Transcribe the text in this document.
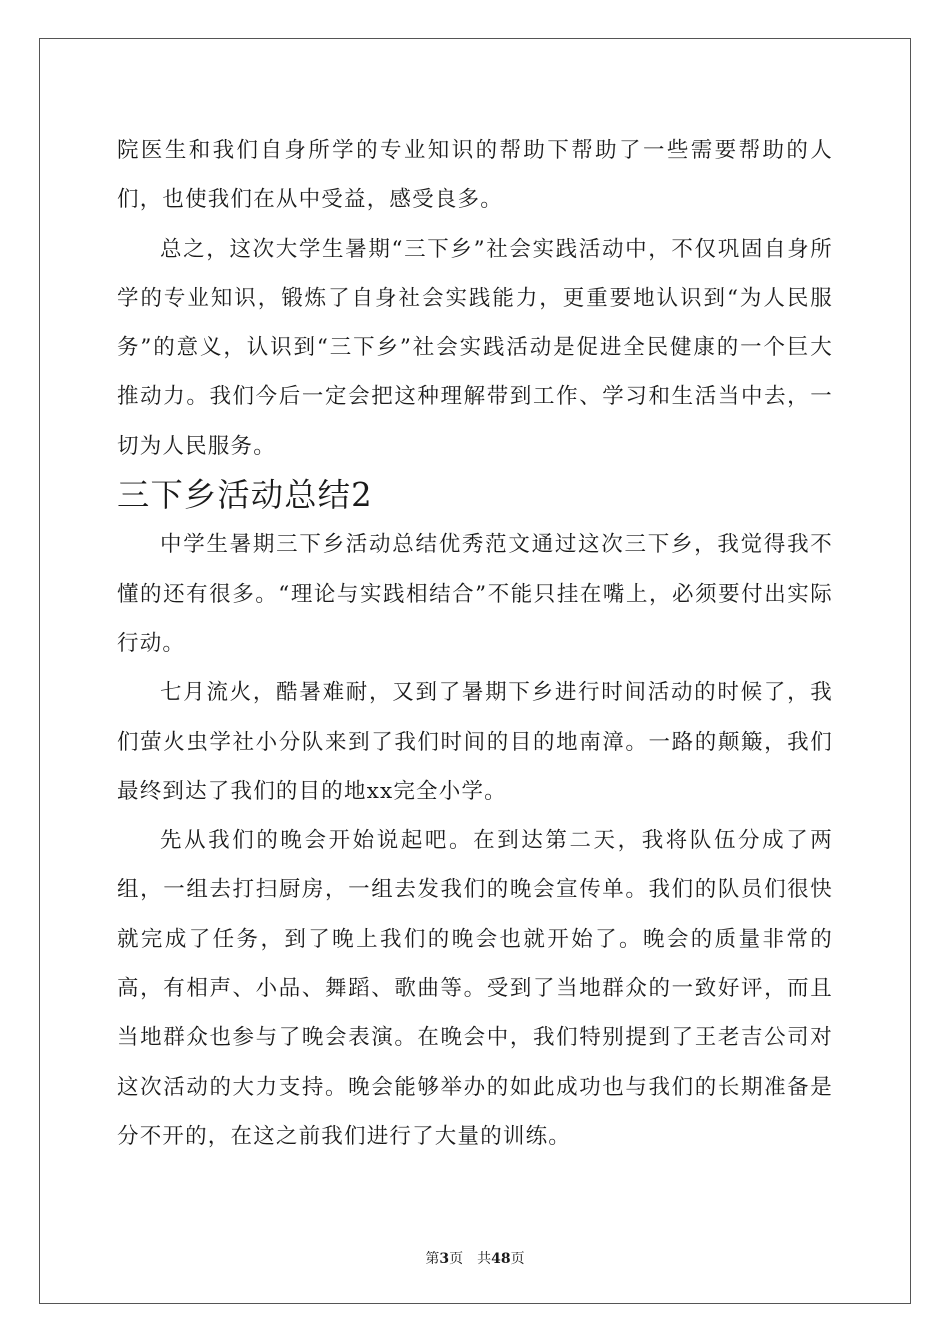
院医生和我们自身所学的专业知识的帮助下帮助了一些需要帮助的人们，也使我们在从中受益，感受良多。

总之，这次大学生暑期“三下乡”社会实践活动中，不仅巩固自身所学的专业知识，锻炼了自身社会实践能力，更重要地认识到“为人民服务”的意义，认识到“三下乡”社会实践活动是促进全民健康的一个巨大推动力。我们今后一定会把这种理解带到工作、学习和生活当中去，一切为人民服务。

三下乡活动总结2

中学生暑期三下乡活动总结优秀范文通过这次三下乡，我觉得我不懂的还有很多。“理论与实践相结合”不能只挂在嘴上，必须要付出实际行动。

七月流火，酷暑难耐，又到了暑期下乡进行时间活动的时候了，我们萤火虫学社小分队来到了我们时间的目的地南漳。一路的颠簸，我们最终到达了我们的目的地xx完全小学。

先从我们的晚会开始说起吧。在到达第二天，我将队伍分成了两组，一组去打扫厨房，一组去发我们的晚会宣传单。我们的队员们很快就完成了任务，到了晚上我们的晚会也就开始了。晚会的质量非常的高，有相声、小品、舞蹈、歌曲等。受到了当地群众的一致好评，而且当地群众也参与了晚会表演。在晚会中，我们特别提到了王老吉公司对这次活动的大力支持。晚会能够举办的如此成功也与我们的长期准备是分不开的，在这之前我们进行了大量的训练。

第3页 共48页
